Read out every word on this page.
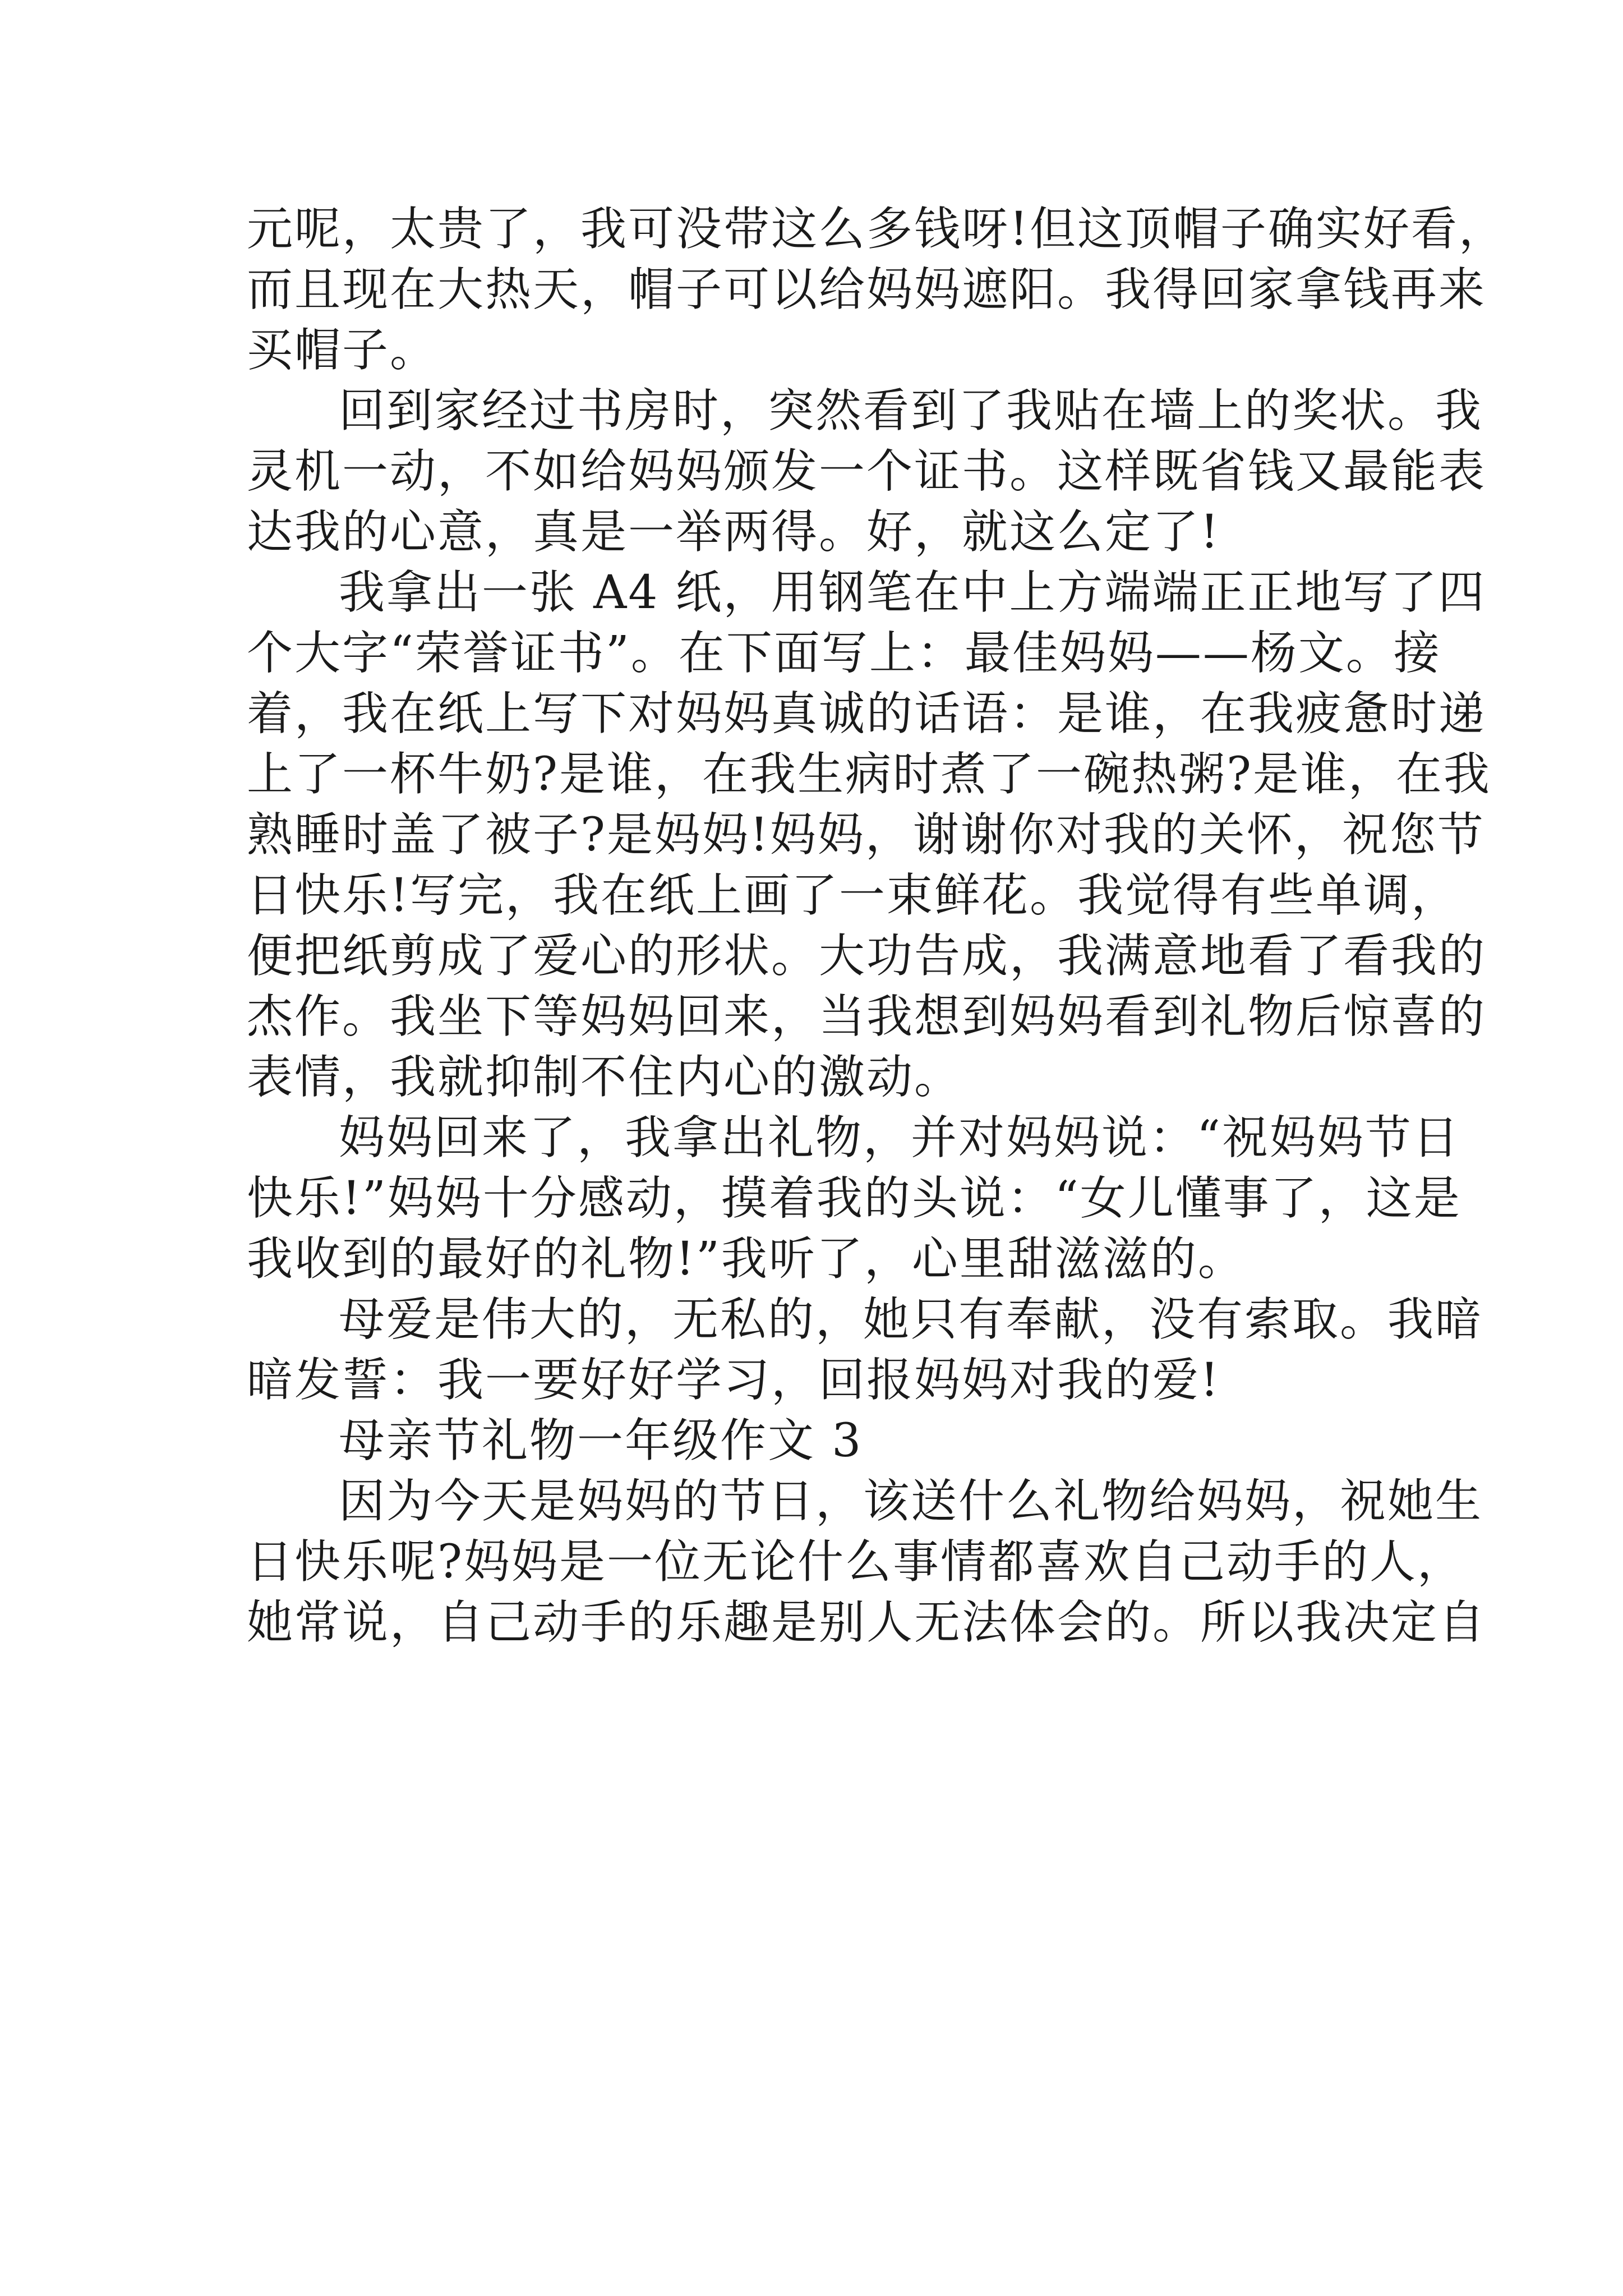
元呢，太贵了，我可没带这么多钱呀!但这顶帽子确实好看，
而且现在大热天，帽子可以给妈妈遮阳。我得回家拿钱再来
买帽子。

回到家经过书房时，突然看到了我贴在墙上的奖状。我
灵机一动，不如给妈妈颁发一个证书。这样既省钱又最能表
达我的心意，真是一举两得。好，就这么定了!

我拿出一张 A4 纸，用钢笔在中上方端端正正地写了四
个大字“荣誉证书”。在下面写上：最佳妈妈——杨文。接
着，我在纸上写下对妈妈真诚的话语：是谁，在我疲惫时递
上了一杯牛奶?是谁，在我生病时煮了一碗热粥?是谁，在我
熟睡时盖了被子?是妈妈!妈妈，谢谢你对我的关怀，祝您节
日快乐!写完，我在纸上画了一束鲜花。我觉得有些单调，
便把纸剪成了爱心的形状。大功告成，我满意地看了看我的
杰作。我坐下等妈妈回来，当我想到妈妈看到礼物后惊喜的
表情，我就抑制不住内心的激动。

妈妈回来了，我拿出礼物，并对妈妈说：“祝妈妈节日
快乐!”妈妈十分感动，摸着我的头说：“女儿懂事了，这是
我收到的最好的礼物!”我听了，心里甜滋滋的。

母爱是伟大的，无私的，她只有奉献，没有索取。我暗
暗发誓：我一要好好学习，回报妈妈对我的爱!

母亲节礼物一年级作文 3

因为今天是妈妈的节日，该送什么礼物给妈妈，祝她生
日快乐呢?妈妈是一位无论什么事情都喜欢自己动手的人，
她常说，自己动手的乐趣是别人无法体会的。所以我决定自
